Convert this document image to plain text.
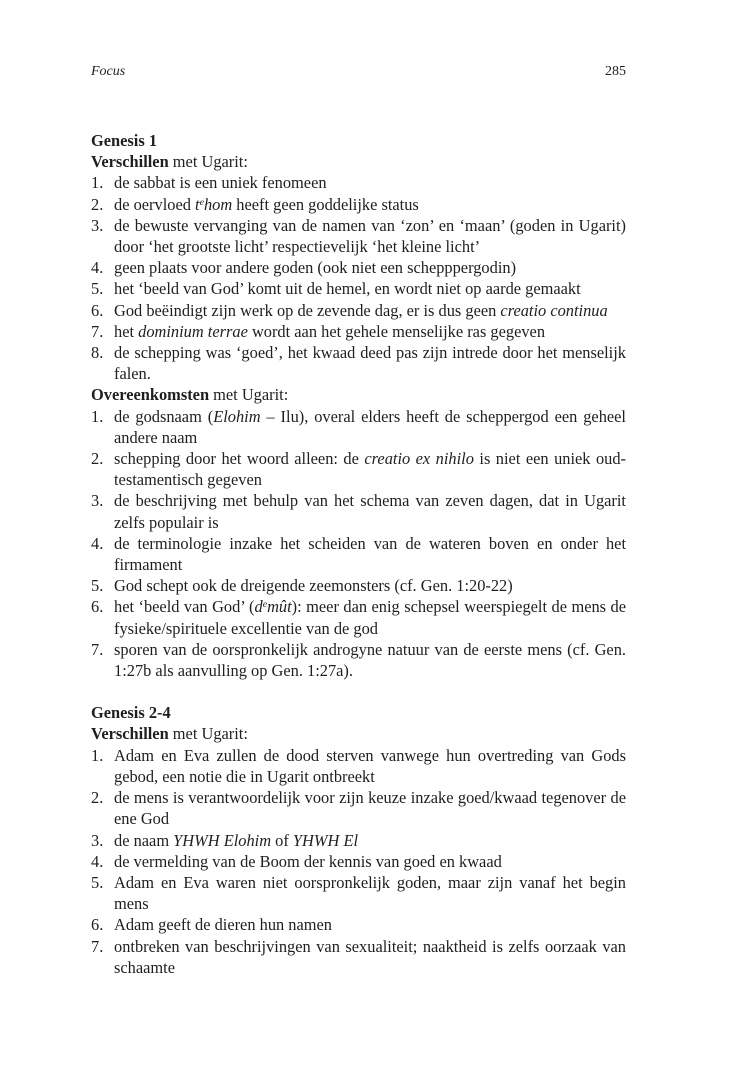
Focus	285
Genesis 1
Verschillen met Ugarit:
1. de sabbat is een uniek fenomeen
2. de oervloed $t^ehom$ heeft geen goddelijke status
3. de bewuste vervanging van de namen van ‘zon’ en ‘maan’ (goden in Ugarit) door ‘het grootste licht’ respectievelijk ‘het kleine licht’
4. geen plaats voor andere goden (ook niet een schepppergodin)
5. het ‘beeld van God’ komt uit de hemel, en wordt niet op aarde gemaakt
6. God beëindigt zijn werk op de zevende dag, er is dus geen creatio continua
7. het dominium terrae wordt aan het gehele menselijke ras gegeven
8. de schepping was ‘goed’, het kwaad deed pas zijn intrede door het menselijk falen.
Overeenkomsten met Ugarit:
1. de godsnaam (Elohim – Ilu), overal elders heeft de scheppergod een geheel andere naam
2. schepping door het woord alleen: de creatio ex nihilo is niet een uniek oudtestamentisch gegeven
3. de beschrijving met behulp van het schema van zeven dagen, dat in Ugarit zelfs populair is
4. de terminologie inzake het scheiden van de wateren boven en onder het firmament
5. God schept ook de dreigende zeemonsters (cf. Gen. 1:20-22)
6. het ‘beeld van God’ $(d^emût)$: meer dan enig schepsel weerspiegelt de mens de fysieke/spirituele excellentie van de god
7. sporen van de oorspronkelijk androgyne natuur van de eerste mens (cf. Gen. 1:27b als aanvulling op Gen. 1:27a).
Genesis 2-4
Verschillen met Ugarit:
1. Adam en Eva zullen de dood sterven vanwege hun overtreding van Gods gebod, een notie die in Ugarit ontbreekt
2. de mens is verantwoordelijk voor zijn keuze inzake goed/kwaad tegenover de ene God
3. de naam YHWH Elohim of YHWH El
4. de vermelding van de Boom der kennis van goed en kwaad
5. Adam en Eva waren niet oorspronkelijk goden, maar zijn vanaf het begin mens
6. Adam geeft de dieren hun namen
7. ontbreken van beschrijvingen van sexualiteit; naaktheid is zelfs oorzaak van schaamte
